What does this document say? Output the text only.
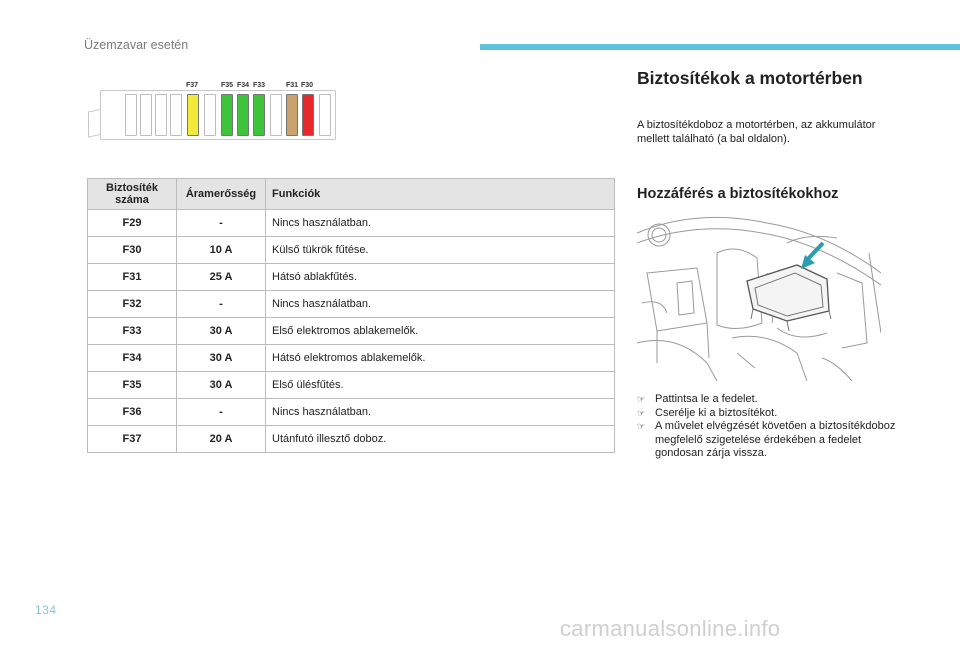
Üzemzavar esetén
F37	F35 F34 F33	F31 F30
Biztosíték száma	Áramerősség	Funkciók
F29	-	Nincs használatban.
F30	10 A	Külső tükrök fűtése.
F31	25 A	Hátsó ablakfűtés.
F32	-	Nincs használatban.
F33	30 A	Első elektromos ablakemelők.
F34	30 A	Hátsó elektromos ablakemelők.
F35	30 A	Első ülésfűtés.
F36	-	Nincs használatban.
F37	20 A	Utánfutó illesztő doboz.
Biztosítékok a motortérben
A biztosítékdoboz a motortérben, az akkumulátor mellett található (a bal oldalon).
Hozzáférés a biztosítékokhoz
☞ Pattintsa le a fedelet.
☞ Cserélje ki a biztosítékot.
☞ A művelet elvégzését követően a biztosítékdoboz megfelelő szigetelése érdekében a fedelet gondosan zárja vissza.
134
carmanualsonline.info
